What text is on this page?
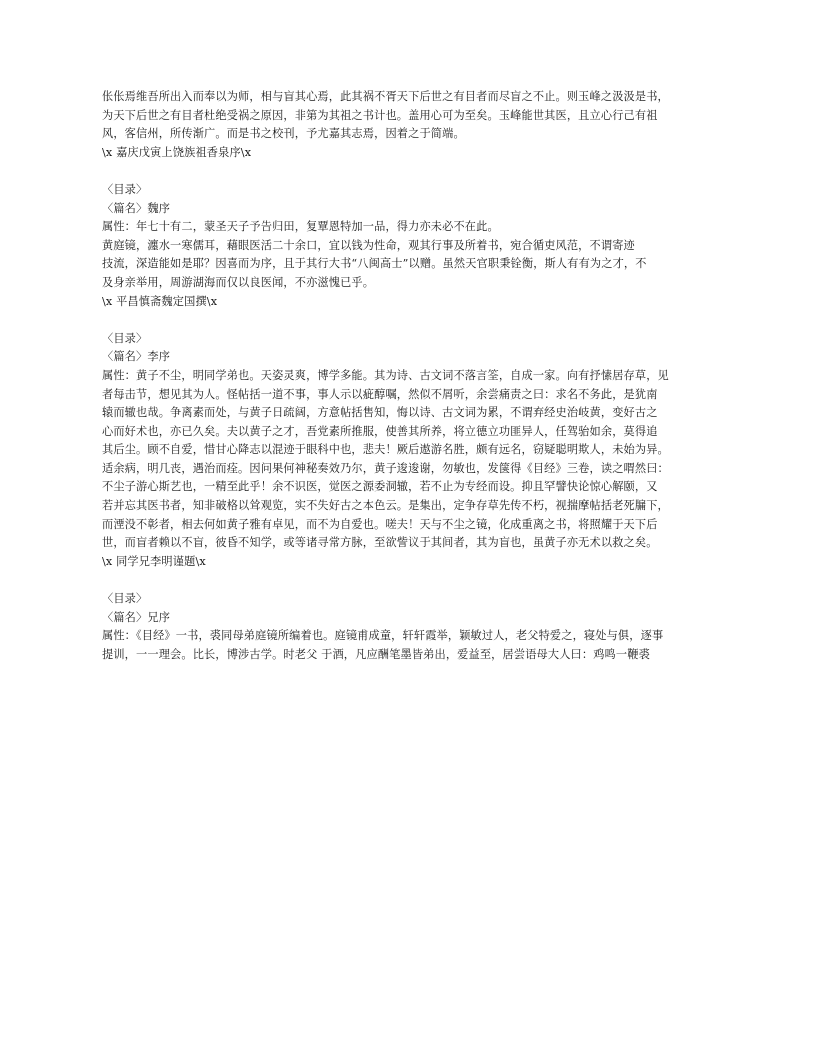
伥伥焉维吾所出入而奉以为师，相与盲其心焉，此其祸不胥天下后世之有目者而尽盲之不止。则玉峰之汲汲是书，
为天下后世之有目者杜绝受祸之原因，非第为其祖之书计也。盖用心可为至矣。玉峰能世其医，且立心行己有祖
风，客信州，所传渐广。而是书之校刊，予尤嘉其志焉，因着之于简端。
\x 嘉庆戊寅上饶族祖香泉序\x
〈目录〉
〈篇名〉魏序
属性：年七十有二，蒙圣天子予告归田，复覃恩特加一品，得力亦未必不在此。
黄庭镜，瀍水一寒儒耳，藉眼医活二十余口，宜以钱为性命，观其行事及所着书，宛合循吏风范，不谓寄迹
技流，深造能如是耶？因喜而为序，且于其行大书“八闽高士”以赠。虽然天官职秉铨衡，斯人有有为之才，不
及身亲举用，周游湖海而仅以良医闻，不亦滋愧已乎。
\x 平昌慎斋魏定国撰\x
〈目录〉
〈篇名〉李序
属性：黄子不尘，明同学弟也。天姿灵爽，博学多能。其为诗、古文词不落言筌，自成一家。向有抒愫居存草，见
者每击节，想见其为人。怪帖括一道不事，事人示以疵醇嘱，然似不屑听，余尝痛责之曰：求名不务此，是犹南
辕而辙也哉。争离素而处，与黄子日疏阔，方意帖括售知，悔以诗、古文词为累，不谓弃经史治岐黄，变好古之
心而好术也，亦已久矣。夫以黄子之才，吾党素所推服，使善其所养，将立德立功匪异人，任驾骀如余，莫得追
其后尘。顾不自爱，惜甘心降志以混迹于眼科中也，悲夫！厥后遨游名胜，颇有远名，窃疑聪明欺人，未始为异。
适余病，明几丧，遇治而痊。因问果何神秘奏效乃尔，黄子逡逡谢，勿敏也，发箧得《目经》三卷，读之喟然曰：
不尘子游心斯艺也，一精至此乎！余不识医，觉医之源委洞辙，若不止为专经而设。抑且罕譬快论惊心解颐，又
若并忘其医书者，知非破格以耸观览，实不失好古之本色云。是集出，定争存草先传不朽，视揣摩帖括老死牖下，
而湮没不彰者，相去何如黄子雅有卓见，而不为自爱也。嗟夫！天与不尘之镜，化成重离之书，将照耀于天下后
世，而盲者赖以不盲，彼昏不知学，或等诸寻常方脉，至欲訾议于其间者，其为盲也，虽黄子亦无术以救之矣。
\x 同学兄李明谨题\x
〈目录〉
〈篇名〉兄序
属性：《目经》一书，裘同母弟庭镜所编着也。庭镜甫成童，轩轩霞举，颖敏过人，老父特爱之，寝处与俱，逐事
提训，一一理会。比长，博涉古学。时老父 于酒，凡应酬笔墨皆弟出，爱益至，居尝语母大人曰：鸡鸣一鞭裘
